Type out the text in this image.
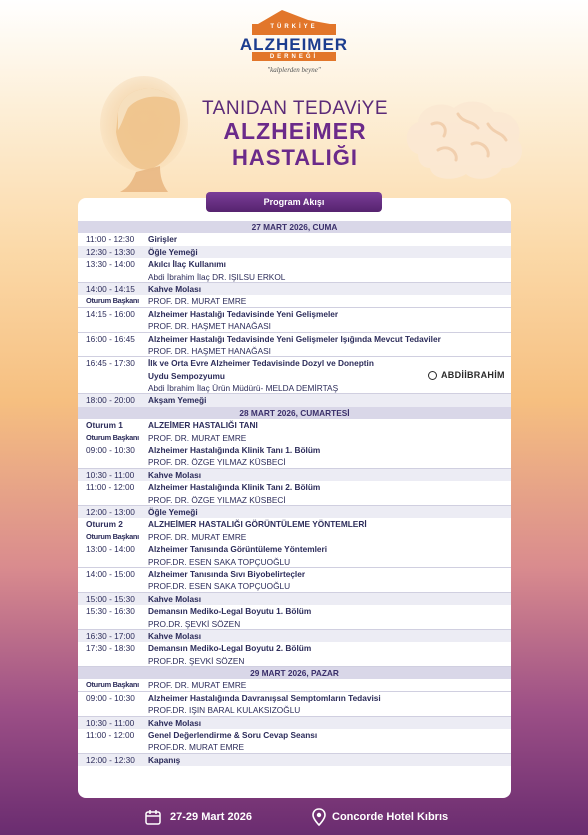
TÜRKİYE
ALZHEIMER
DERNEĞİ
"kalplerden beyne"
TANIDAN TEDAViYE
ALZHEiMER
HASTALIĞI
Program Akışı
27 MART 2026, CUMA
11:00 - 12:30	Girişler
12:30 - 13:30	Öğle Yemeği
13:30 - 14:00	Akılcı İlaç Kullanımı
Abdi İbrahim İlaç DR. IŞILSU ERKOL
14:00 - 14:15	Kahve Molası
Oturum Başkanı	PROF. DR. MURAT EMRE
14:15 - 16:00	Alzheimer Hastalığı Tedavisinde Yeni Gelişmeler
PROF. DR. HAŞMET HANAĞASI
16:00 - 16:45	Alzheimer Hastalığı Tedavisinde Yeni Gelişmeler Işığında Mevcut Tedaviler
PROF. DR. HAŞMET HANAĞASI
16:45 - 17:30	İlk ve Orta Evre Alzheimer Tedavisinde Dozyl ve Doneptin
Uydu Sempozyumu
Abdi İbrahim İlaç Ürün Müdürü- MELDA DEMİRTAŞ
18:00 - 20:00	Akşam Yemeği
28 MART 2026, CUMARTESİ
Oturum 1	ALZEİMER HASTALIĞI TANI
Oturum Başkanı	PROF. DR. MURAT EMRE
09:00 - 10:30	Alzheimer Hastalığında Klinik Tanı 1. Bölüm
PROF. DR. ÖZGE YILMAZ KÜSBECİ
10:30 - 11:00	Kahve Molası
11:00 - 12:00	Alzheimer Hastalığında Klinik Tanı 2. Bölüm
PROF. DR. ÖZGE YILMAZ KÜSBECİ
12:00 - 13:00	Öğle Yemeği
Oturum 2	ALZHEİMER HASTALIĞI GÖRÜNTÜLEME YÖNTEMLERİ
Oturum Başkanı	PROF. DR. MURAT EMRE
13:00 - 14:00	Alzheimer Tanısında Görüntüleme Yöntemleri
PROF.DR. ESEN SAKA TOPÇUOĞLU
14:00 - 15:00	Alzheimer Tanısında Sıvı Biyobelirteçler
PROF.DR. ESEN SAKA TOPÇUOĞLU
15:00 - 15:30	Kahve Molası
15:30 - 16:30	Demansın Mediko-Legal Boyutu 1. Bölüm
PRO.DR. ŞEVKİ SÖZEN
16:30 - 17:00	Kahve Molası
17:30 - 18:30	Demansın Mediko-Legal Boyutu 2. Bölüm
PROF.DR. ŞEVKİ SÖZEN
29 MART 2026, PAZAR
Oturum Başkanı	PROF. DR. MURAT EMRE
09:00 - 10:30	Alzheimer Hastalığında Davranışsal Semptomların Tedavisi
PROF.DR. IŞIN BARAL KULAKSIZOĞLU
10:30 - 11:00	Kahve Molası
11:00 - 12:00	Genel Değerlendirme & Soru Cevap Seansı
PROF.DR. MURAT EMRE
12:00 - 12:30	Kapanış
ABDİİBRAHİM
27-29 Mart 2026	Concorde Hotel Kıbrıs
